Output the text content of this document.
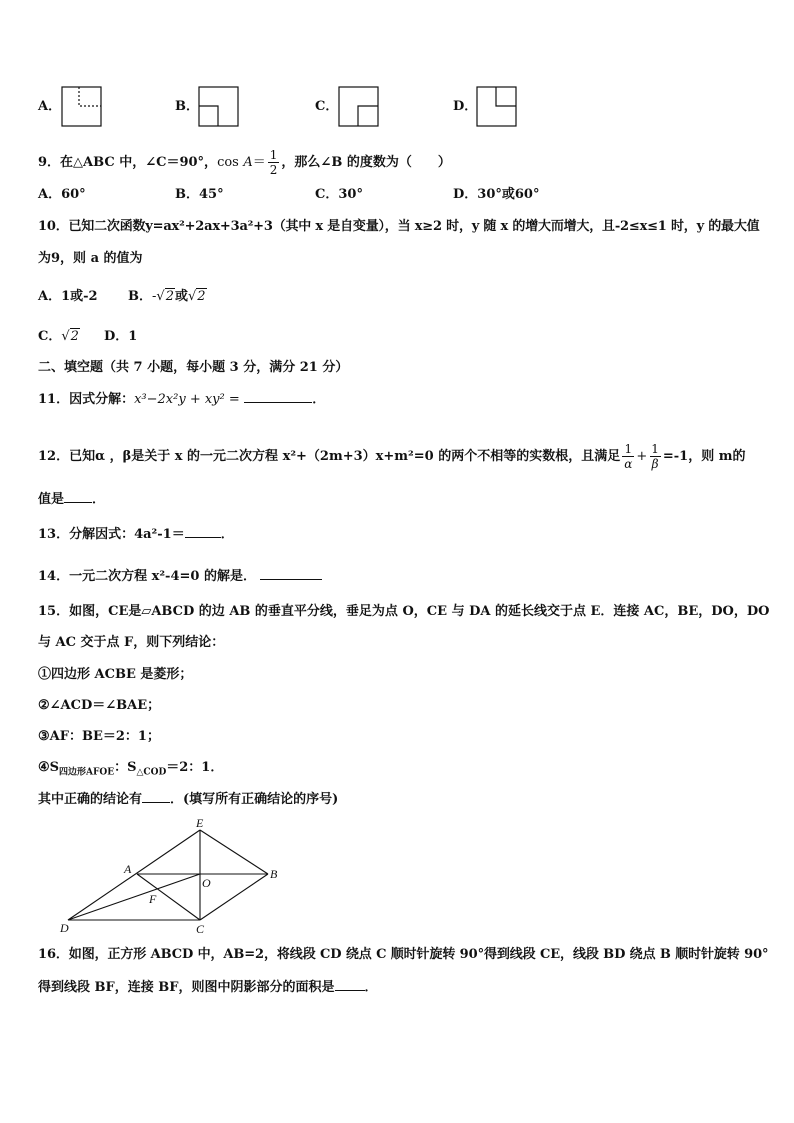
A．	B．	C．	D．
9．在△ABC 中，∠C＝90°，$\cos A= \frac{1}{2}$ ，那么∠B 的度数为（　　）
A．60°	B．45°	C．30°	D．30°或60°
10．已知二次函数y=ax²+2ax+3a²+3（其中 x 是自变量），当 x≥2 时，y 随 x 的增大而增大，且-2≤x≤1 时，y 的最大值
为9，则 a 的值为
A．1或-2 B．-√2或√2
C．√2 D．1
二、填空题（共 7 小题，每小题 3 分，满分 21 分）
11．因式分解：x³−2x²y + xy² =	．
12．已知α ，β是关于 x 的一元二次方程 x²+（2m+3）x+m²=0 的两个不相等的实数根，且满足 $\frac{1}{\alpha} + \frac{1}{\beta} =-1$，则 m的
值是 ．
13．分解因式：4a²-1＝	．
14．一元二次方程 x²-4=0 的解是．
15．如图，CE是▱ABCD 的边 AB 的垂直平分线，垂足为点 O，CE 与 DA 的延长线交于点 E．连接 AC，BE，DO，DO
与 AC 交于点 F，则下列结论：
①四边形 ACBE 是菱形；
②∠ACD＝∠BAE；
③AF：BE＝2：1；
$④S_{四边形AFOE}$：$S_{\triangle COD}=2$：1．
其中正确的结论有 ．(填写所有正确结论的序号)
E
A
O
B
F
D	C
16．如图，正方形 ABCD 中，AB=2，将线段 CD 绕点 C 顺时针旋转 90°得到线段 CE，线段 BD 绕点 B 顺时针旋转 90°
得到线段 BF，连接 BF，则图中阴影部分的面积是 ．
